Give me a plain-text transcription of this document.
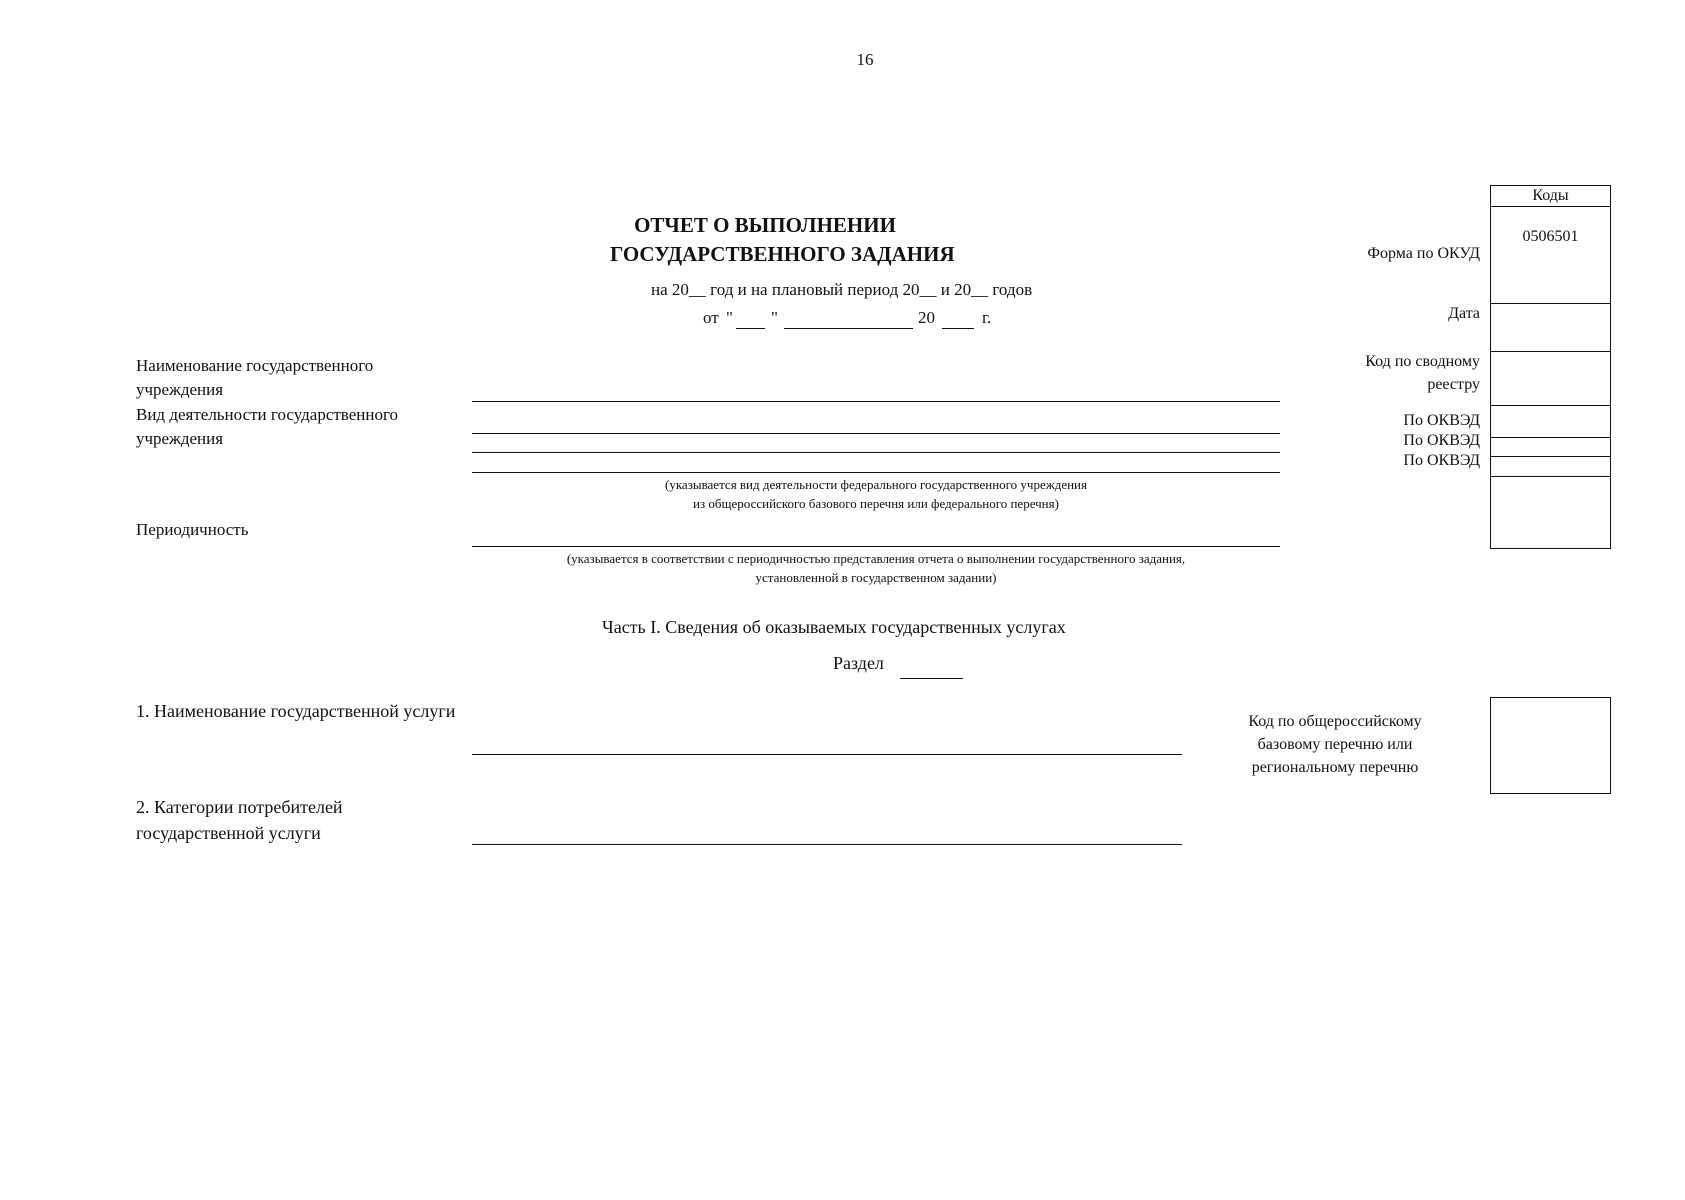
16
ОТЧЕТ О ВЫПОЛНЕНИИ
ГОСУДАРСТВЕННОГО ЗАДАНИЯ
на 20__ год и на плановый период 20__ и 20__ годов
от " "	20	г.
Форма по ОКУД
Дата
Код по сводному
реестру
По ОКВЭД
По ОКВЭД
По ОКВЭД
Коды
0506501
Наименование государственного учреждения
Вид деятельности государственного учреждения
(указывается вид деятельности федерального государственного учреждения
из общероссийского базового перечня или федерального перечня)
Периодичность
(указывается в соответствии с периодичностью представления отчета о выполнении государственного задания,
установленной в государственном задании)
Часть I. Сведения об оказываемых государственных услугах
Раздел
1. Наименование государственной услуги
2. Категории потребителей государственной услуги
Код по общероссийскому
базовому перечню или
региональному перечню
